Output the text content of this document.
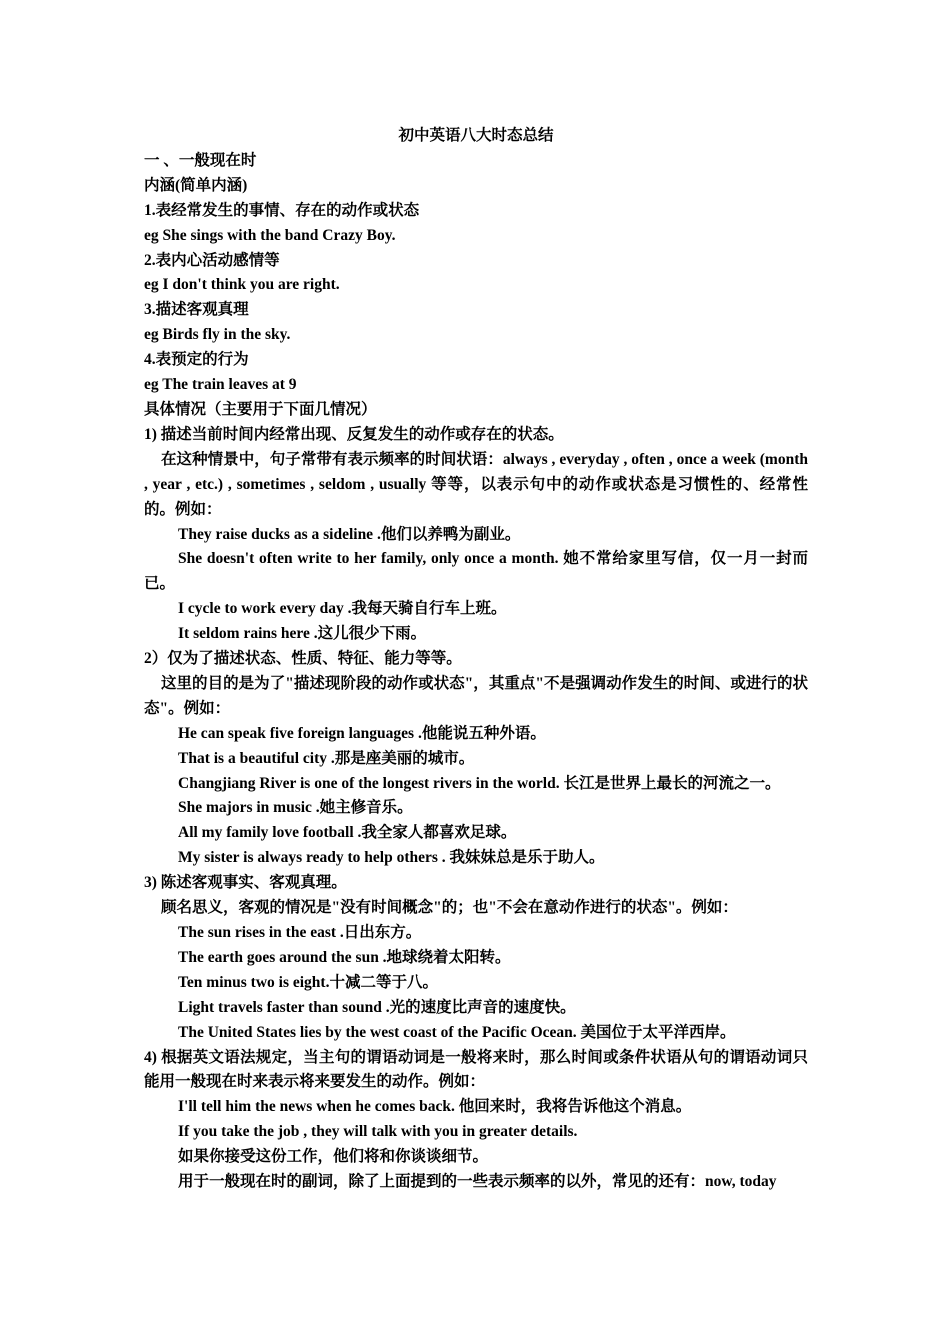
初中英语八大时态总结
一 、一般现在时
内涵(简单内涵)
1.表经常发生的事情、存在的动作或状态
eg She sings with the band Crazy Boy.
2.表内心活动感情等
eg I don't think you are right.
3.描述客观真理
eg Birds fly in the sky.
4.表预定的行为
eg The train leaves at 9
具体情况（主要用于下面几情况）
1) 描述当前时间内经常出现、反复发生的动作或存在的状态。
在这种情景中，句子常带有表示频率的时间状语：always , everyday , often , once a week (month , year , etc.) , sometimes , seldom , usually 等等，以表示句中的动作或状态是习惯性的、经常性的。例如：
They raise ducks as a sideline .他们以养鸭为副业。
She doesn't often write to her family, only once a month. 她不常给家里写信，仅一月一封而已。
I cycle to work every day .我每天骑自行车上班。
It seldom rains here .这儿很少下雨。
2）仅为了描述状态、性质、特征、能力等等。
这里的目的是为了"描述现阶段的动作或状态"，其重点"不是强调动作发生的时间、或进行的状态"。例如：
He can speak five foreign languages .他能说五种外语。
That is a beautiful city .那是座美丽的城市。
Changjiang River is one of the longest rivers in the world. 长江是世界上最长的河流之一。
She majors in music .她主修音乐。
All my family love football .我全家人都喜欢足球。
My sister is always ready to help others . 我妹妹总是乐于助人。
3) 陈述客观事实、客观真理。
顾名思义，客观的情况是"没有时间概念"的；也"不会在意动作进行的状态"。例如：
The sun rises in the east .日出东方。
The earth goes around the sun .地球绕着太阳转。
Ten minus two is eight.十减二等于八。
Light travels faster than sound .光的速度比声音的速度快。
The United States lies by the west coast of the Pacific Ocean. 美国位于太平洋西岸。
4) 根据英文语法规定，当主句的谓语动词是一般将来时，那么时间或条件状语从句的谓语动词只能用一般现在时来表示将来要发生的动作。例如：
I'll tell him the news when he comes back. 他回来时，我将告诉他这个消息。
If you take the job , they will talk with you in greater details.
如果你接受这份工作，他们将和你谈谈细节。
用于一般现在时的副词，除了上面提到的一些表示频率的以外，常见的还有：now, today
